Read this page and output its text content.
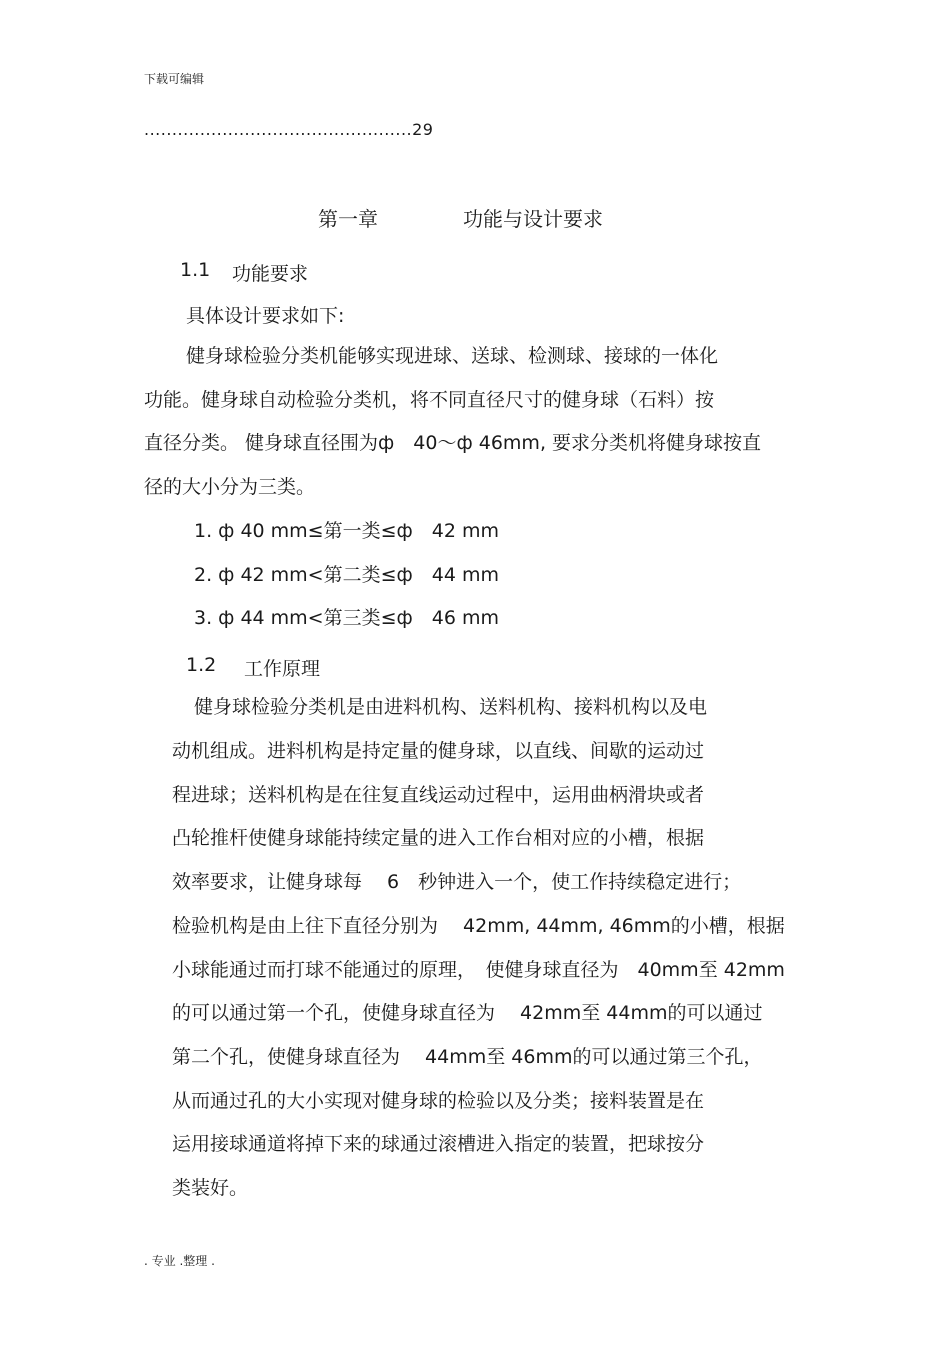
下载可编辑
................................................29
第一章	功能与设计要求
1.1 功能要求
具体设计要求如下:
健身球检验分类机能够实现进球、送球、检测球、接球的一体化
功能。健身球自动检验分类机，将不同直径尺寸的健身球（石料）按
直径分类。 健身球直径围为ф　40～ф 46mm, 要求分类机将健身球按直
径的大小分为三类。
1. ф 40 mm≤第一类≤ф　42 mm
2. ф 42 mm<第二类≤ф　44 mm
3. ф 44 mm<第三类≤ф　46 mm
1.2 工作原理
健身球检验分类机是由进料机构、送料机构、接料机构以及电
动机组成。进料机构是持定量的健身球，以直线、间歇的运动过
程进球；送料机构是在往复直线运动过程中，运用曲柄滑块或者
凸轮推杆使健身球能持续定量的进入工作台相对应的小槽，根据
效率要求，让健身球每　 6　秒钟进入一个，使工作持续稳定进行；
检验机构是由上往下直径分别为　 42mm, 44mm, 46mm的小槽，根据
小球能通过而打球不能通过的原理，　使健身球直径为　40mm至 42mm
的可以通过第一个孔，使健身球直径为　 42mm至 44mm的可以通过
第二个孔，使健身球直径为　 44mm至 46mm的可以通过第三个孔，
从而通过孔的大小实现对健身球的检验以及分类；接料装置是在
运用接球通道将掉下来的球通过滚槽进入指定的装置，把球按分
类装好。
. 专业 .整理 .
